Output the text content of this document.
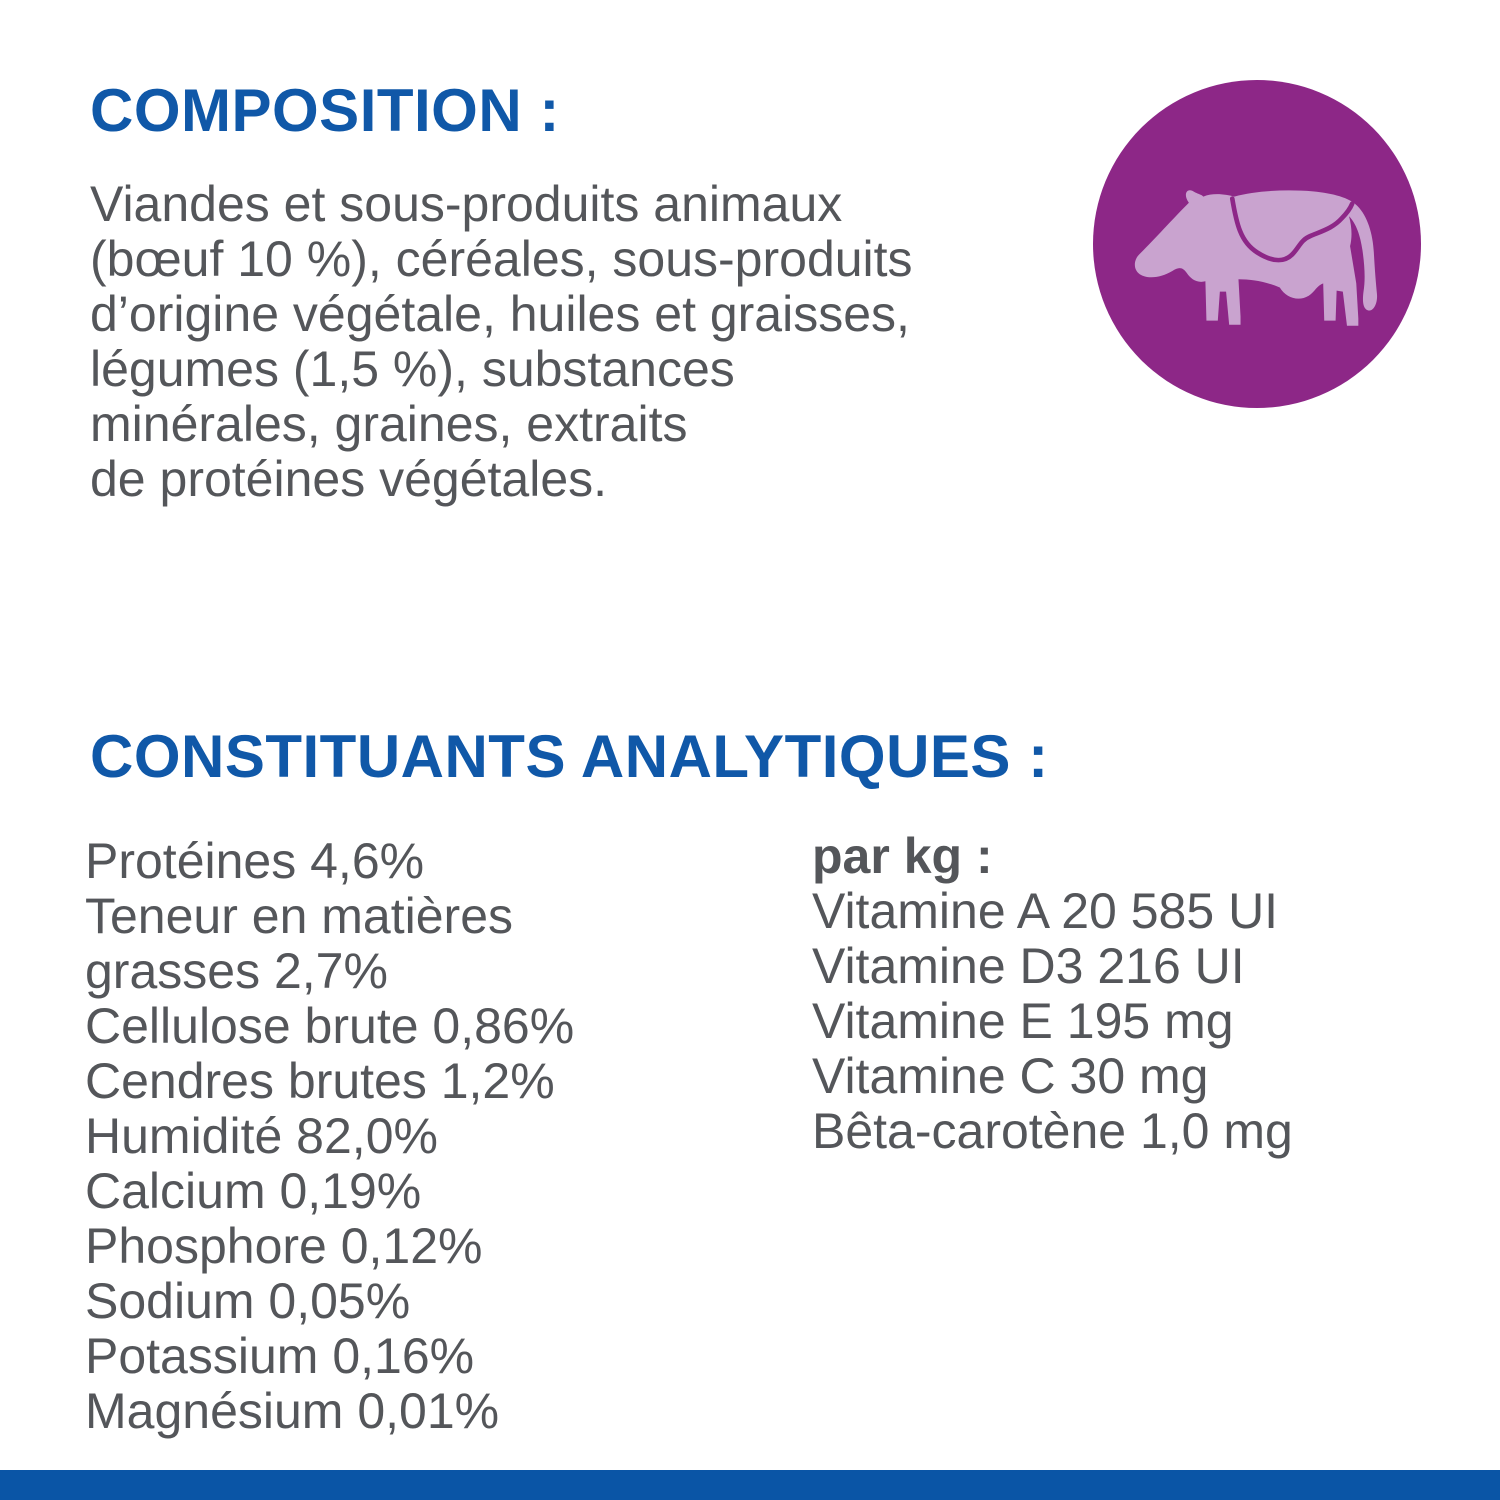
COMPOSITION :
Viandes et sous-produits animaux
(bœuf 10 %), céréales, sous-produits
d’origine végétale, huiles et graisses,
légumes (1,5 %), substances
minérales, graines, extraits
de protéines végétales.
CONSTITUANTS ANALYTIQUES :
Protéines 4,6%
Teneur en matières
grasses 2,7%
Cellulose brute 0,86%
Cendres brutes 1,2%
Humidité 82,0%
Calcium 0,19%
Phosphore 0,12%
Sodium 0,05%
Potassium 0,16%
Magnésium 0,01%
par kg :
Vitamine A 20 585 UI
Vitamine D3 216 UI
Vitamine E 195 mg
Vitamine C 30 mg
Bêta-carotène 1,0 mg
